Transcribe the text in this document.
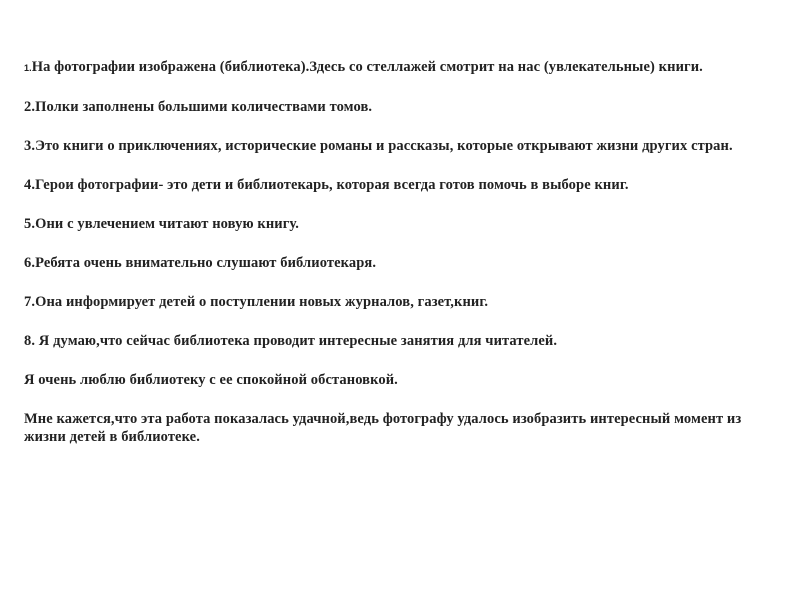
1.На фотографии изображена (библиотека).Здесь со стеллажей смотрит на нас (увлекательные) книги.

2.Полки заполнены большими количествами томов.

3.Это книги о приключениях, исторические романы и рассказы, которые открывают жизни других стран.

4.Герои фотографии- это дети и библиотекарь, которая всегда готов помочь в выборе книг.

5.Они с увлечением читают новую книгу.

6.Ребята очень внимательно слушают библиотекаря.

7.Она информирует детей о поступлении новых журналов, газет,книг.

8. Я думаю,что сейчас библиотека проводит интересные занятия для читателей.

Я очень люблю библиотеку с ее спокойной обстановкой.

Мне кажется,что эта работа показалась удачной,ведь фотографу удалось изобразить интересный момент из жизни детей в библиотеке.
